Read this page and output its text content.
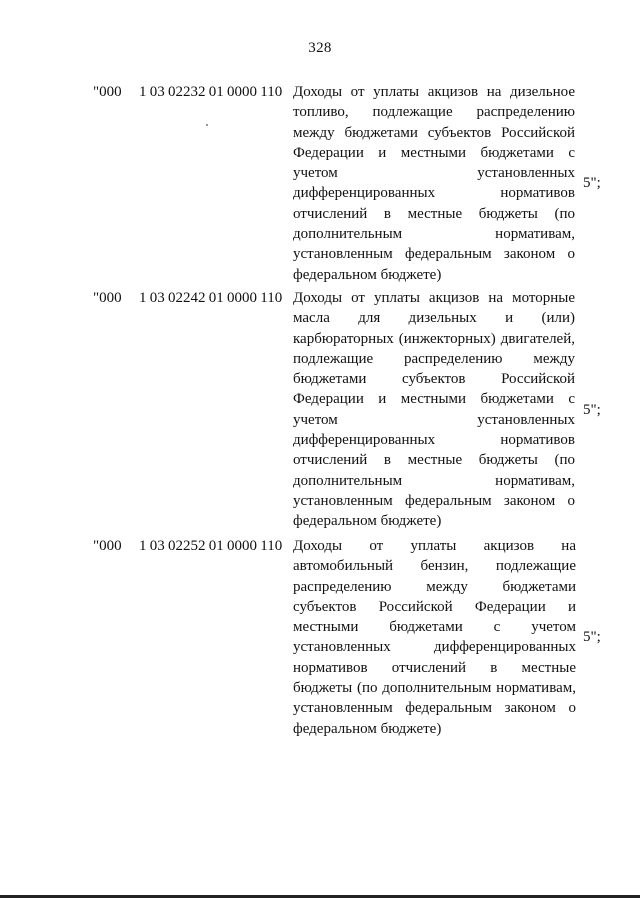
328
"000 1 03 02232 01 0000 110 Доходы от уплаты акцизов на дизельное топливо, подлежащие распределению между бюджетами субъектов Российской Федерации и местными бюджетами с учетом установленных дифференцированных нормативов отчислений в местные бюджеты (по дополнительным нормативам, установленным федеральным законом о федеральном бюджете)
5";
"000 1 03 02242 01 0000 110 Доходы от уплаты акцизов на моторные масла для дизельных и (или) карбюраторных (инжекторных) двигателей, подлежащие распределению между бюджетами субъектов Российской Федерации и местными бюджетами с учетом установленных дифференцированных нормативов отчислений в местные бюджеты (по дополнительным нормативам, установленным федеральным законом о федеральном бюджете)
5";
"000 1 03 02252 01 0000 110 Доходы от уплаты акцизов на автомобильный бензин, подлежащие распределению между бюджетами субъектов Российской Федерации и местными бюджетами с учетом установленных дифференцированных нормативов отчислений в местные бюджеты (по дополнительным нормативам, установленным федеральным законом о федеральном бюджете)
5";
